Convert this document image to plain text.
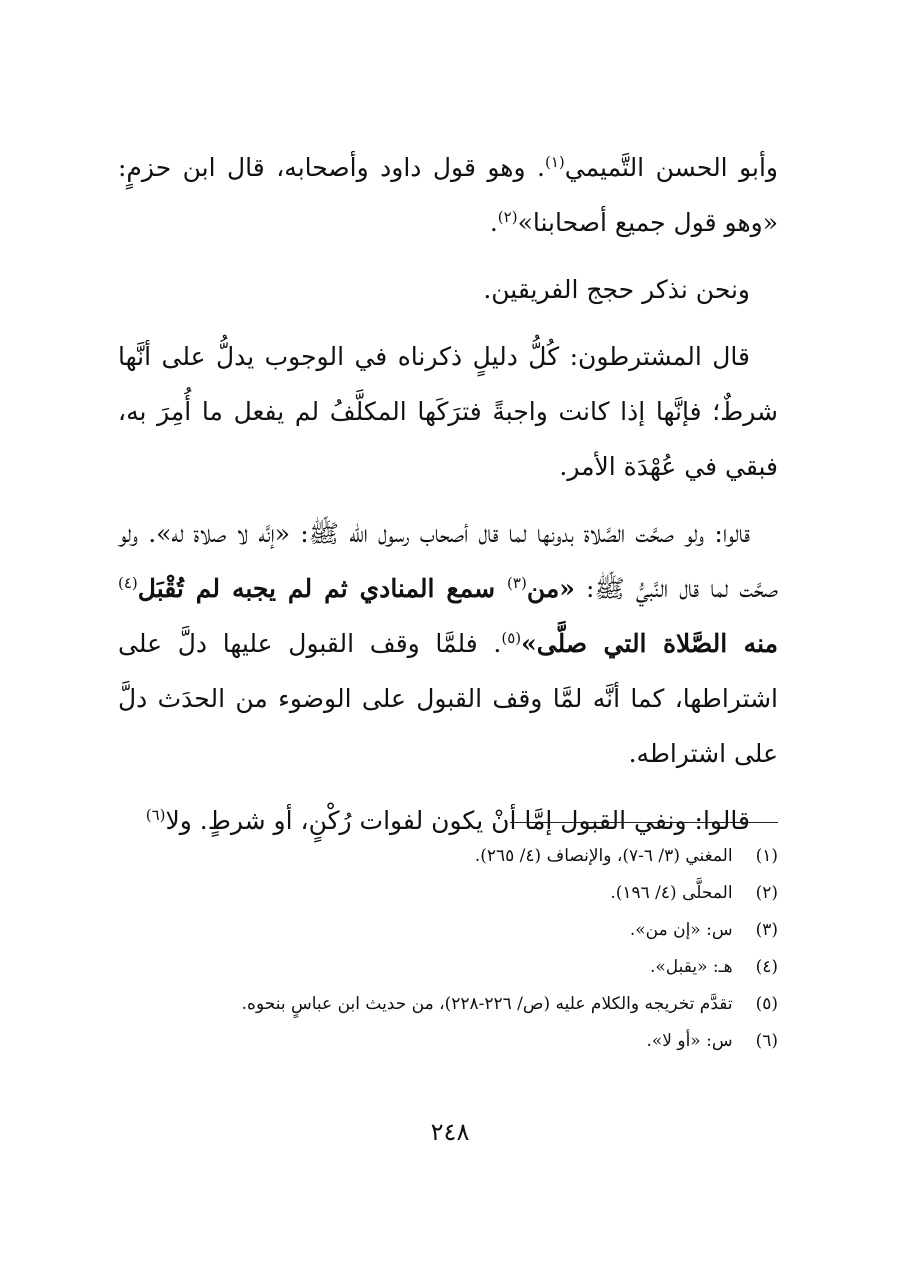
وأبو الحسن التَّميمي$^{(١)}$. وهو قول داود وأصحابه، قال ابن حزمٍ: «وهو قول جميع أصحابنا»$^{(٢)}$.

ونحن نذكر حجج الفريقين.

قال المشترطون: كُلُّ دليلٍ ذكرناه في الوجوب يدلُّ على أنَّها شرطٌ؛ فإنَّها إذا كانت واجبةً فترَكَها المكلَّفُ لم يفعل ما أُمِرَ به، فبقي في عُهْدَة الأمر.

قالوا: ولو صحَّت الصَّلاة بدونها لما قال أصحاب رسول الله ﷺ: «إنَّه لا صلاة له». ولو صحَّت لما قال النَّبيُّ ﷺ: «من$^{(٣)}$ سمع المنادي ثم لم يجبه لم تُقْبَل$^{(٤)}$ منه الصَّلاة التي صلَّى»$^{(٥)}$. فلمَّا وقف القبول عليها دلَّ على اشتراطها، كما أنَّه لمَّا وقف القبول على الوضوء من الحدَث دلَّ على اشتراطه.

قالوا: ونفي القبول إمَّا أنْ يكون لفوات رُكْنٍ، أو شرطٍ. ولا$^{(٦)}$

(١) المغني (٣/ ٦-٧)، والإنصاف (٤/ ٢٦٥).
(٢) المحلَّى (٤/ ١٩٦).
(٣) س: «إن من».
(٤) هـ: «يقبل».
(٥) تقدَّم تخريجه والكلام عليه (ص/ ٢٢٦-٢٢٨)، من حديث ابن عباسٍ بنحوه.
(٦) س: «أو لا».
٢٤٨
